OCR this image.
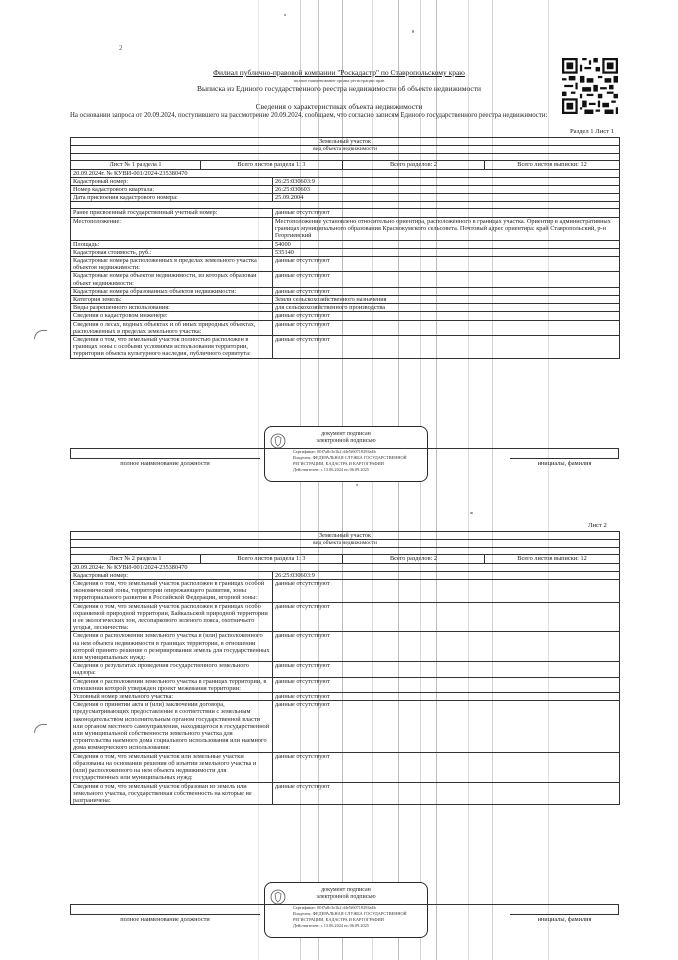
2
Филиал публично-правовой компании "Роскадастр" по Ставропольскому краю
полное наименование органа регистрации прав
Выписка из Единого государственного реестра недвижимости об объекте недвижимости
Сведения о характеристиках объекта недвижимости
На основании запроса от 20.09.2024, поступившего на рассмотрение 20.09.2024, сообщаем, что согласно записям Единого государственного реестра недвижимости:
Раздел 1 Лист 1
Земельный участок				
вид объекта недвижимости				

Лист № 1 раздела 1	Всего листов раздела 1: 3		Всего разделов: 2	Всего листов выписки: 12
20.09.2024г. № КУВИ-001/2024-235380470				
Кадастровый номер:		26:25:030603:9		
Номер кадастрового квартала:		26:25:030603		
Дата присвоения кадастрового номера:		25.09.2004		

Ранее присвоенный государственный учетный номер:		данные отсутствуют		
Местоположение:		Местоположение установлено относительно ориентира, расположенного в границах участка. Ориентир в административных границах муниципального образования Краснокумского сельсовета. Почтовый адрес ориентира: край Ставропольский, р-н Георгиевский		
Площадь:		54000		
Кадастровая стоимость, руб.:		535140		
Кадастровые номера расположенных в пределах земельного участка объектов недвижимости:		данные отсутствуют		
Кадастровые номера объектов недвижимости, из которых образован объект недвижимости:		данные отсутствуют		
Кадастровые номера образованных объектов недвижимости:		данные отсутствуют		
Категория земель:		Земли сельскохозяйственного назначения		
Виды разрешенного использования:		для сельскохозяйственного производства		
Сведения о кадастровом инженере:		данные отсутствуют		
Сведения о лесах, водных объектах и об иных природных объектах, расположенных в пределах земельного участка:		данные отсутствуют		
Сведения о том, что земельный участок полностью расположен в границах зоны с особыми условиями использования территории, территории объекта культурного наследия, публичного сервитута:		данные отсутствуют		
документ подписан
электронной подписью
Сертификат: 00f7a8c3e1b2 d4e5f60718293a4b
Владелец: ФЕДЕРАЛЬНАЯ СЛУЖБА ГОСУДАРСТВЕННОЙ
РЕГИСТРАЦИИ, КАДАСТРА И КАРТОГРАФИИ
Действителен: с 13.06.2024 по 06.09.2025
полное наименование должности	инициалы, фамилия
Лист 2
Земельный участок				
вид объекта недвижимости				

Лист № 2 раздела 1	Всего листов раздела 1: 3		Всего разделов: 2	Всего листов выписки: 12
20.09.2024г. № КУВИ-001/2024-235380470				
Кадастровый номер:		26:25:030603:9		
Сведения о том, что земельный участок расположен в границах особой экономической зоны, территории опережающего развития, зоны территориального развития в Российской Федерации, игорной зоны:		данные отсутствуют		
Сведения о том, что земельный участок расположен в границах особо охраняемой природной территории, Байкальской природной территории и ее экологических зон, лесопаркового зеленого пояса, охотничьего угодья, лесничества:		данные отсутствуют		
Сведения о расположении земельного участка в (или) расположенного на нем объекта недвижимости в границах территории, в отношении которой принято решение о резервировании земель для государственных или муниципальных нужд:		данные отсутствуют		
Сведения о результатах проведения государственного земельного надзора:		данные отсутствуют		
Сведения о расположении земельного участка в границах территории, в отношении которой утвержден проект межевания территории:		данные отсутствуют		
Условный номер земельного участка:		данные отсутствуют		
Сведения о принятии акта и (или) заключении договора, предусматривающих предоставление в соответствии с земельным законодательством исполнительным органом государственной власти или органом местного самоуправления, находящегося в государственной или муниципальной собственности земельного участка для строительства наемного дома социального использования или наемного дома коммерческого использования:		данные отсутствуют		
Сведения о том, что земельный участок или земельные участки образованы на основании решения об изъятии земельного участка и (или) расположенного на нем объекта недвижимости для государственных или муниципальных нужд:		данные отсутствуют		
Сведения о том, что земельный участок образован из земель или земельного участка, государственная собственность на которые не разграничена:		данные отсутствуют		
документ подписан
электронной подписью
Сертификат: 00f7a8c3e1b2 d4e5f60718293a4b
Владелец: ФЕДЕРАЛЬНАЯ СЛУЖБА ГОСУДАРСТВЕННОЙ
РЕГИСТРАЦИИ, КАДАСТРА И КАРТОГРАФИИ
Действителен: с 13.06.2024 по 06.09.2025
полное наименование должности	инициалы, фамилия
